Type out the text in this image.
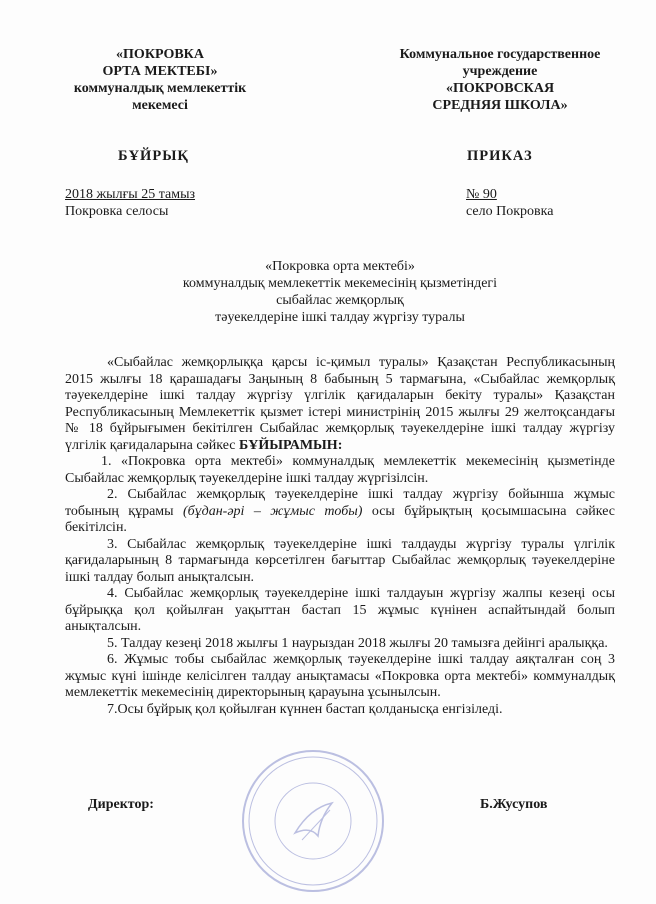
«ПОКРОВКА
ОРТА МЕКТЕБІ»
коммуналдық мемлекеттік
мекемесі
Коммунальное государственное
учреждение
«ПОКРОВСКАЯ
СРЕДНЯЯ ШКОЛА»
БҰЙРЫҚ	ПРИКАЗ
2018 жылғы 25 тамыз
Покровка селосы
№ 90
село Покровка
«Покровка орта мектебі»
коммуналдық мемлекеттік мекемесінің қызметіндегі
сыбайлас жемқорлық
тәуекелдеріне ішкі талдау жүргізу туралы

«Сыбайлас жемқорлыққа қарсы іс-қимыл туралы» Қазақстан Республикасының 2015 жылғы 18 қарашадағы Заңының 8 бабының 5 тармағына, «Сыбайлас жемқорлық тәуекелдеріне ішкі талдау жүргізу үлгілік қағидаларын бекіту туралы» Қазақстан Республикасының Мемлекеттік қызмет істері министрінің 2015 жылғы 29 желтоқсандағы № 18 бұйрығымен бекітілген Сыбайлас жемқорлық тәуекелдеріне ішкі талдау жүргізу үлгілік қағидаларына сәйкес БҰЙЫРАМЫН:

1. «Покровка орта мектебі» коммуналдық мемлекеттік мекемесінің қызметінде Сыбайлас жемқорлық тәуекелдеріне ішкі талдау жүргізілсін.

2. Сыбайлас жемқорлық тәуекелдеріне ішкі талдау жүргізу бойынша жұмыс тобының құрамы (бұдан-әрі – жұмыс тобы) осы бұйрықтың қосымшасына сәйкес бекітілсін.

3. Сыбайлас жемқорлық тәуекелдеріне ішкі талдауды жүргізу туралы үлгілік қағидаларының 8 тармағында көрсетілген бағыттар Сыбайлас жемқорлық тәуекелдеріне ішкі талдау болып анықталсын.

4. Сыбайлас жемқорлық тәуекелдеріне ішкі талдауын жүргізу жалпы кезеңі осы бұйрыққа қол қойылған уақыттан бастап 15 жұмыс күнінен аспайтындай болып анықталсын.

5. Талдау кезеңі 2018 жылғы 1 наурыздан 2018 жылғы 20 тамызға дейінгі аралыққа.

6. Жұмыс тобы сыбайлас жемқорлық тәуекелдеріне ішкі талдау аяқталған соң 3 жұмыс күні ішінде келісілген талдау анықтамасы «Покровка орта мектебі» коммуналдық мемлекеттік мекемесінің директорының қарауына ұсынылсын.

7.Осы бұйрық қол қойылған күннен бастап қолданысқа енгізіледі.

Директор:	Б.Жусупов
